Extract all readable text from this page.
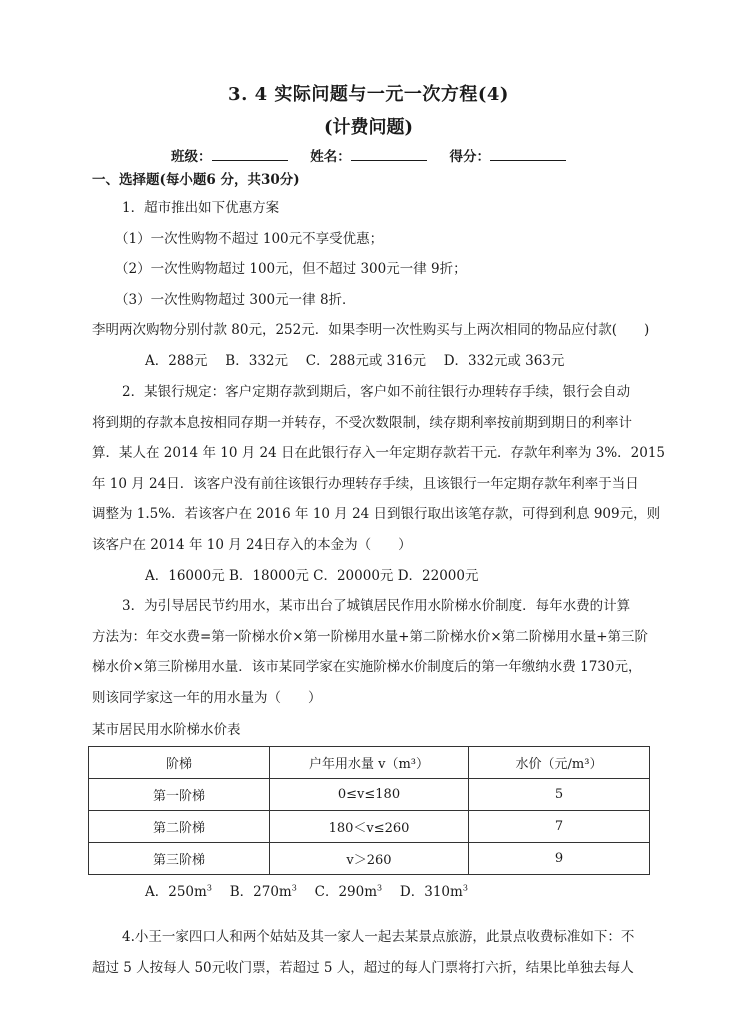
3. 4 实际问题与一元一次方程(4)
(计费问题)
班级：	姓名：	得分：
一、选择题(每小题6 分，共30分)
1．超市推出如下优惠方案
（1）一次性购物不超过 100元不享受优惠；
（2）一次性购物超过 100元，但不超过 300元一律 9折；
（3）一次性购物超过 300元一律 8折．
李明两次购物分别付款 80元，252元．如果李明一次性购买与上两次相同的物品应付款(　　)
A．288元　 B．332元　 C．288元或 316元　 D．332元或 363元
2．某银行规定：客户定期存款到期后，客户如不前往银行办理转存手续，银行会自动
将到期的存款本息按相同存期一并转存，不受次数限制，续存期利率按前期到期日的利率计
算．某人在 2014 年 10 月 24 日在此银行存入一年定期存款若干元．存款年利率为 3%．2015
年 10 月 24日．该客户没有前往该银行办理转存手续，且该银行一年定期存款年利率于当日
调整为 1.5%．若该客户在 2016 年 10 月 24 日到银行取出该笔存款，可得到利息 909元，则
该客户在 2014 年 10 月 24日存入的本金为（　　）
A．16000元 B．18000元 C．20000元 D．22000元
3．为引导居民节约用水，某市出台了城镇居民作用水阶梯水价制度．每年水费的计算
方法为：年交水费=第一阶梯水价×第一阶梯用水量+第二阶梯水价×第二阶梯用水量+第三阶
梯水价×第三阶梯用水量．该市某同学家在实施阶梯水价制度后的第一年缴纳水费 1730元，
则该同学家这一年的用水量为（　　）
某市居民用水阶梯水价表
阶梯	户年用水量 v（m³）	水价（元/m³）
第一阶梯	0≤v≤180	5
第二阶梯	180＜v≤260	7
第三阶梯	v＞260	9
A．$250m^3$　 B．$270m^3$　 C．$290m^3$　 D．$310m^3$
4.小王一家四口人和两个姑姑及其一家人一起去某景点旅游，此景点收费标准如下：不
超过 5 人按每人 50元收门票，若超过 5 人，超过的每人门票将打六折，结果比单独去每人
